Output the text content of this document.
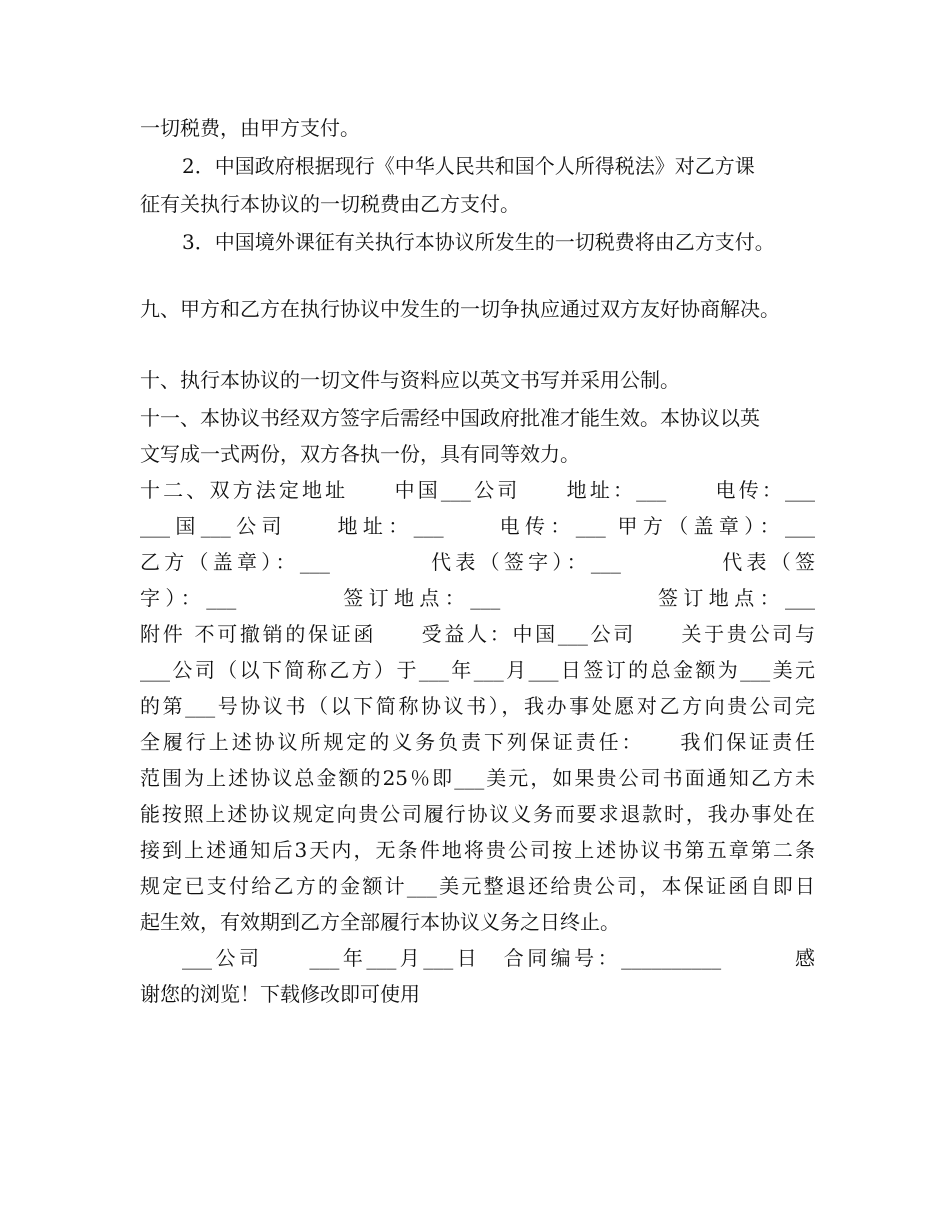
一切税费，由甲方支付。
2．中国政府根据现行《中华人民共和国个人所得税法》对乙方课
征有关执行本协议的一切税费由乙方支付。
3．中国境外课征有关执行本协议所发生的一切税费将由乙方支付。
九、甲方和乙方在执行协议中发生的一切争执应通过双方友好协商解决。
十、执行本协议的一切文件与资料应以英文书写并采用公制。
十一、本协议书经双方签字后需经中国政府批准才能生效。本协议以英
文写成一式两份，双方各执一份，具有同等效力。
十二、双方法定地址　　中国___公司　　地址：___　　电传：___
___国___公司　　地址：___　　电传：___ 甲方（盖章）：___
乙方（盖章）：___　　　　代表（签字）：___　　　　代表（签
字）：___　　　　签订地点：___　　　　　　签订地点：___
附件 不可撤销的保证函　　受益人：中国___公司　　关于贵公司与
___公司（以下简称乙方）于___年___月___日签订的总金额为___美元
的第___号协议书（以下简称协议书），我办事处愿对乙方向贵公司完
全履行上述协议所规定的义务负责下列保证责任：　　我们保证责任
范围为上述协议总金额的25％即___美元，如果贵公司书面通知乙方未
能按照上述协议规定向贵公司履行协议义务而要求退款时，我办事处在
接到上述通知后3天内，无条件地将贵公司按上述协议书第五章第二条
规定已支付给乙方的金额计___美元整退还给贵公司，本保证函自即日
起生效，有效期到乙方全部履行本协议义务之日终止。
___公司　　___年___月___日　合同编号：__________　　　感
谢您的浏览！下载修改即可使用
